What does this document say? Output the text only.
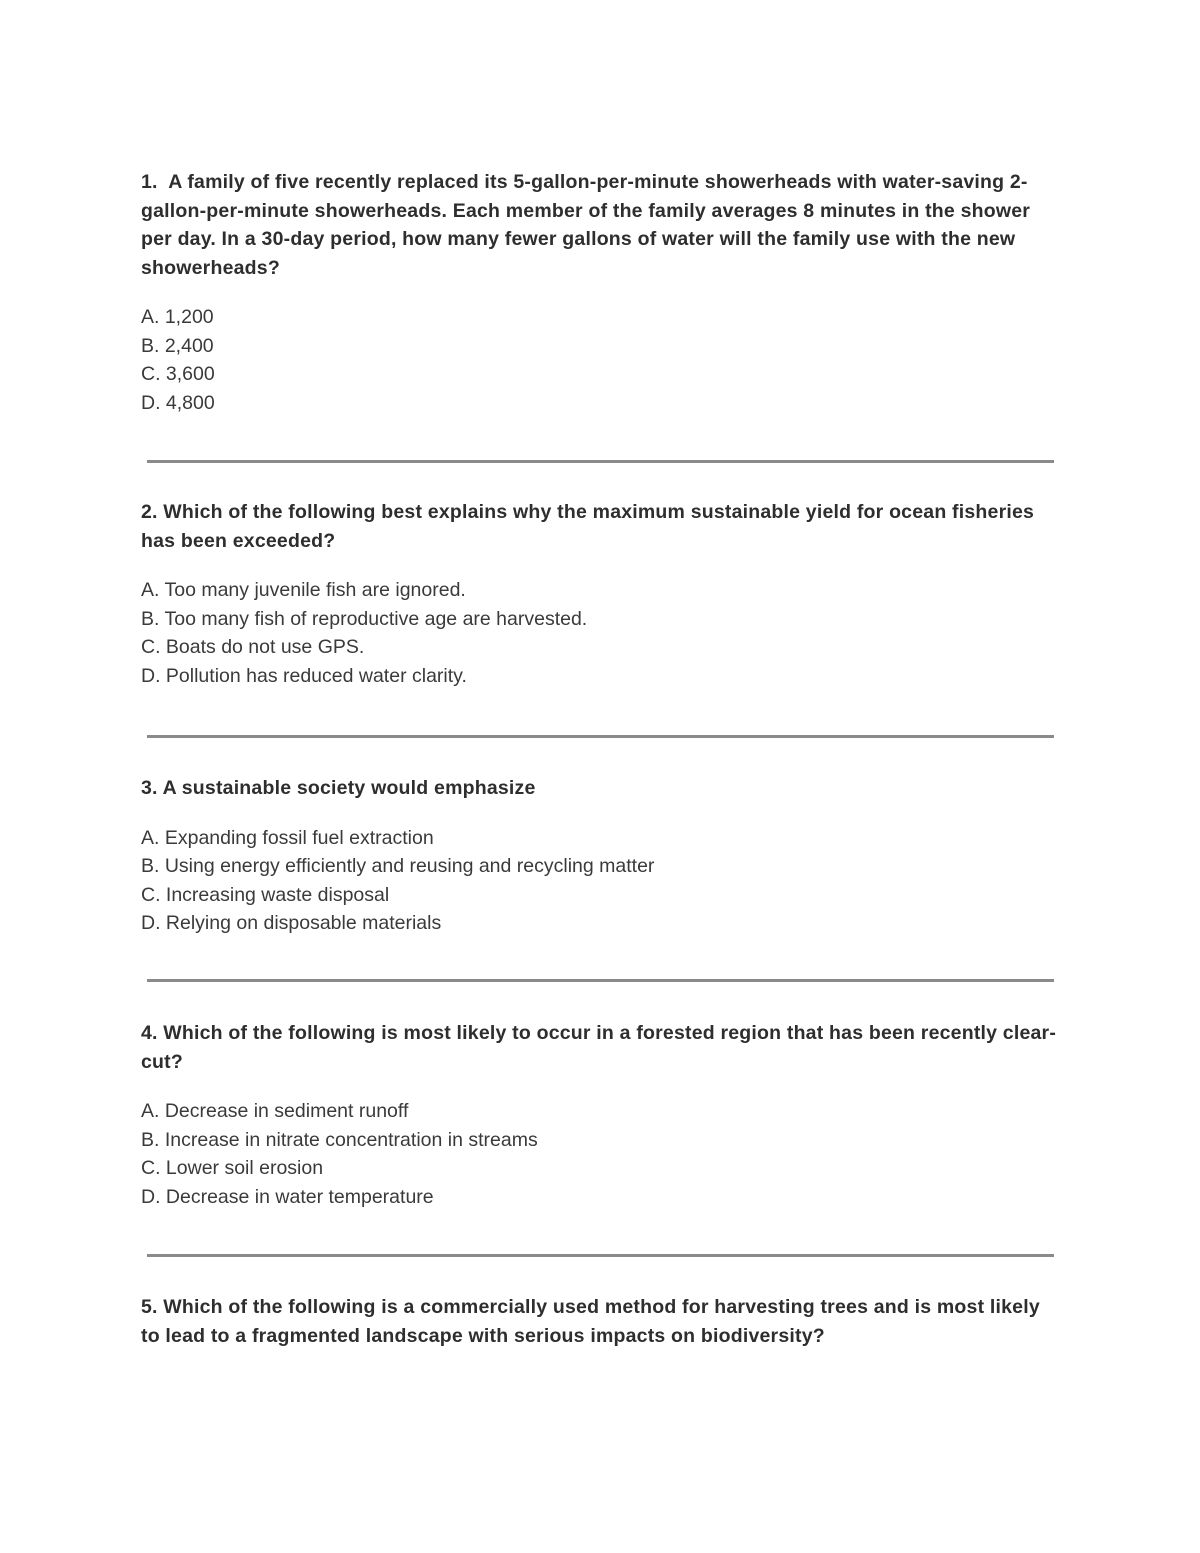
1. A family of five recently replaced its 5-gallon-per-minute showerheads with water-saving 2-gallon-per-minute showerheads. Each member of the family averages 8 minutes in the shower per day. In a 30-day period, how many fewer gallons of water will the family use with the new showerheads?

A. 1,200
B. 2,400
C. 3,600
D. 4,800

2. Which of the following best explains why the maximum sustainable yield for ocean fisheries has been exceeded?

A. Too many juvenile fish are ignored.
B. Too many fish of reproductive age are harvested.
C. Boats do not use GPS.
D. Pollution has reduced water clarity.

3. A sustainable society would emphasize

A. Expanding fossil fuel extraction
B. Using energy efficiently and reusing and recycling matter
C. Increasing waste disposal
D. Relying on disposable materials

4. Which of the following is most likely to occur in a forested region that has been recently clear-cut?

A. Decrease in sediment runoff
B. Increase in nitrate concentration in streams
C. Lower soil erosion
D. Decrease in water temperature

5. Which of the following is a commercially used method for harvesting trees and is most likely to lead to a fragmented landscape with serious impacts on biodiversity?
